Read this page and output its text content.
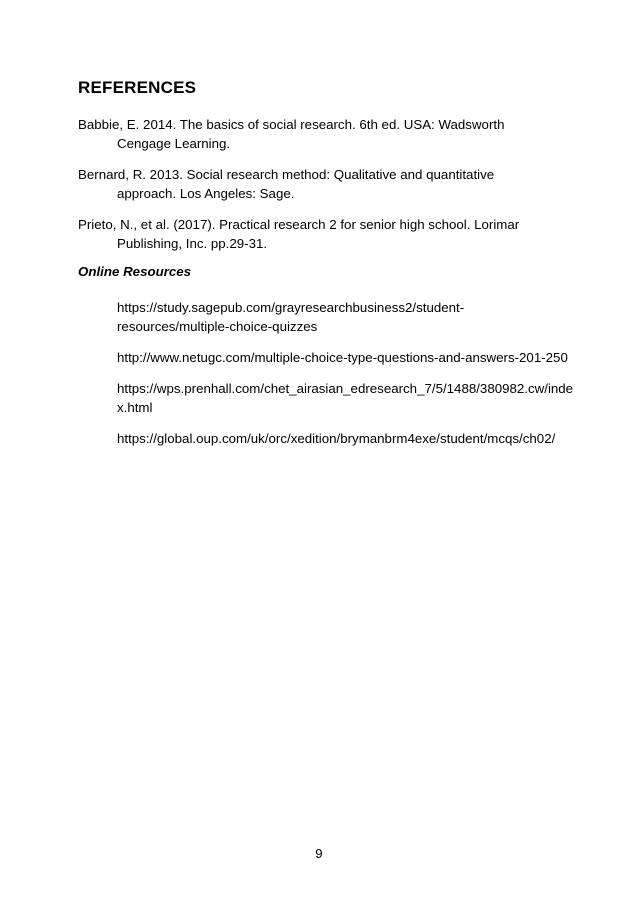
REFERENCES
Babbie, E. 2014. The basics of social research. 6th ed. USA: Wadsworth
Cengage Learning.
Bernard, R. 2013. Social research method: Qualitative and quantitative
approach. Los Angeles: Sage.
Prieto, N., et al. (2017). Practical research 2 for senior high school. Lorimar
Publishing, Inc. pp.29-31.
Online Resources
https://study.sagepub.com/grayresearchbusiness2/student-
resources/multiple-choice-quizzes
http://www.netugc.com/multiple-choice-type-questions-and-answers-201-250
https://wps.prenhall.com/chet_airasian_edresearch_7/5/1488/380982.cw/inde
x.html
https://global.oup.com/uk/orc/xedition/brymanbrm4exe/student/mcqs/ch02/
9
